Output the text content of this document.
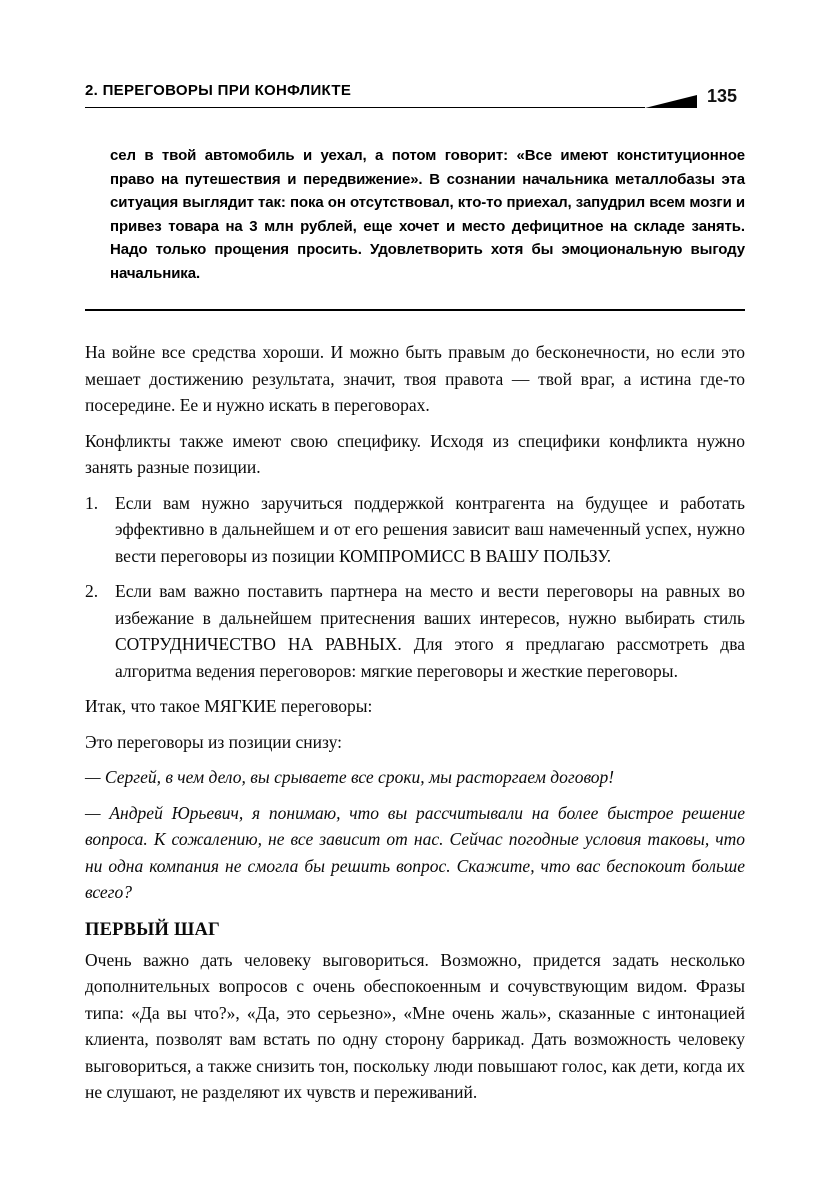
2. ПЕРЕГОВОРЫ ПРИ КОНФЛИКТЕ	135
сел в твой автомобиль и уехал, а потом говорит: «Все имеют конституционное право на путешествия и передвижение». В сознании начальника металлобазы эта ситуация выглядит так: пока он отсутствовал, кто-то приехал, запудрил всем мозги и привез товара на 3 млн рублей, еще хочет и место дефицитное на складе занять. Надо только прощения просить. Удовлетворить хотя бы эмоциональную выгоду начальника.

На войне все средства хороши. И можно быть правым до бесконечности, но если это мешает достижению результата, значит, твоя правота — твой враг, а истина где-то посередине. Ее и нужно искать в переговорах.

Конфликты также имеют свою специфику. Исходя из специфики конфликта нужно занять разные позиции.

1. Если вам нужно заручиться поддержкой контрагента на будущее и работать эффективно в дальнейшем и от его решения зависит ваш намеченный успех, нужно вести переговоры из позиции КОМПРОМИСС В ВАШУ ПОЛЬЗУ.
2. Если вам важно поставить партнера на место и вести переговоры на равных во избежание в дальнейшем притеснения ваших интересов, нужно выбирать стиль СОТРУДНИЧЕСТВО НА РАВНЫХ. Для этого я предлагаю рассмотреть два алгоритма ведения переговоров: мягкие переговоры и жесткие переговоры.

Итак, что такое МЯГКИЕ переговоры:

Это переговоры из позиции снизу:

— Сергей, в чем дело, вы срываете все сроки, мы расторгаем договор!

— Андрей Юрьевич, я понимаю, что вы рассчитывали на более быстрое решение вопроса. К сожалению, не все зависит от нас. Сейчас погодные условия таковы, что ни одна компания не смогла бы решить вопрос. Скажите, что вас беспокоит больше всего?

ПЕРВЫЙ ШАГ

Очень важно дать человеку выговориться. Возможно, придется задать несколько дополнительных вопросов с очень обеспокоенным и сочувствующим видом. Фразы типа: «Да вы что?», «Да, это серьезно», «Мне очень жаль», сказанные с интонацией клиента, позволят вам встать по одну сторону баррикад. Дать возможность человеку выговориться, а также снизить тон, поскольку люди повышают голос, как дети, когда их не слушают, не разделяют их чувств и переживаний.
